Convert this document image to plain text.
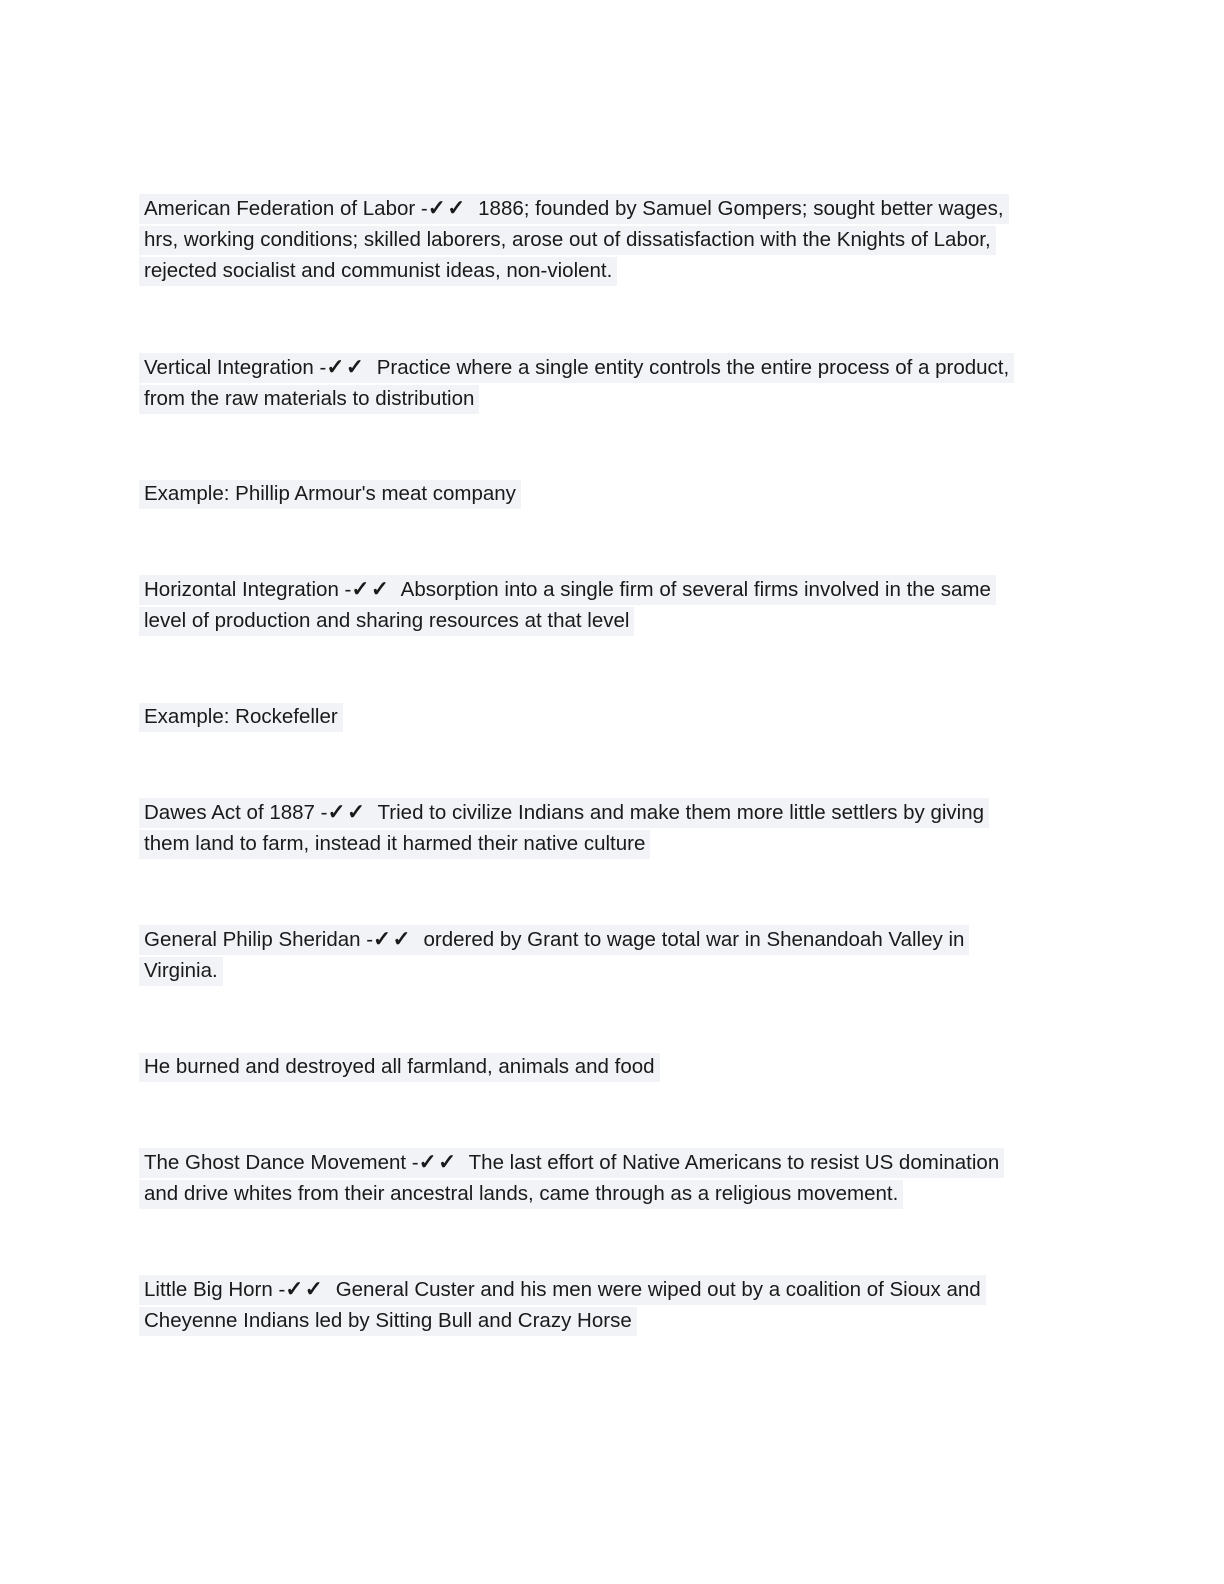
American Federation of Labor -✓✓  1886; founded by Samuel Gompers; sought better wages,
hrs, working conditions; skilled laborers, arose out of dissatisfaction with the Knights of Labor,
rejected socialist and communist ideas, non-violent.
Vertical Integration -✓✓  Practice where a single entity controls the entire process of a product,
from the raw materials to distribution
Example: Phillip Armour's meat company
Horizontal Integration -✓✓  Absorption into a single firm of several firms involved in the same
level of production and sharing resources at that level
Example: Rockefeller
Dawes Act of 1887 -✓✓  Tried to civilize Indians and make them more little settlers by giving
them land to farm, instead it harmed their native culture
General Philip Sheridan -✓✓  ordered by Grant to wage total war in Shenandoah Valley in
Virginia.
He burned and destroyed all farmland, animals and food
The Ghost Dance Movement -✓✓  The last effort of Native Americans to resist US domination
and drive whites from their ancestral lands, came through as a religious movement.
Little Big Horn -✓✓  General Custer and his men were wiped out by a coalition of Sioux and
Cheyenne Indians led by Sitting Bull and Crazy Horse
